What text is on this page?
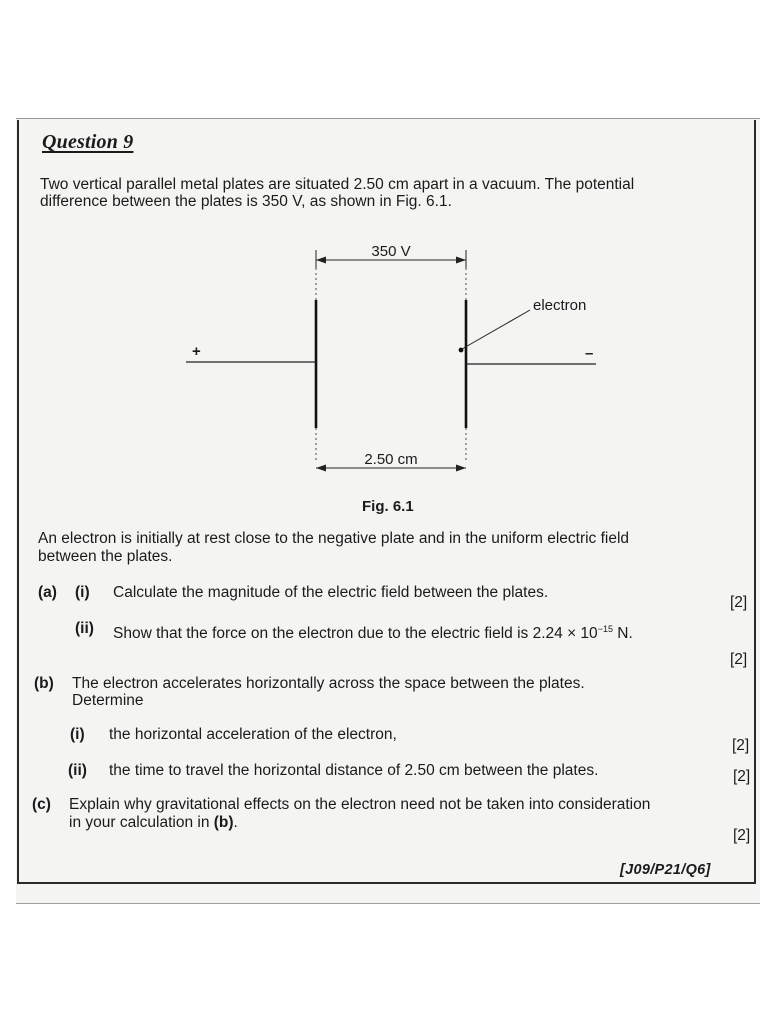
Question 9
Two vertical parallel metal plates are situated 2.50 cm apart in a vacuum. The potential
difference between the plates is 350 V, as shown in Fig. 6.1.
350 V
+	–
electron
2.50 cm
Fig. 6.1
An electron is initially at rest close to the negative plate and in the uniform electric field
between the plates.
(a) (i) Calculate the magnitude of the electric field between the plates.
[2]
(ii) Show that the force on the electron due to the electric field is $2.24 \times 10^{-15}$ N.
[2]
(b) The electron accelerates horizontally across the space between the plates.
Determine
(i) the horizontal acceleration of the electron,
[2]
(ii) the time to travel the horizontal distance of 2.50 cm between the plates.	[2]
(c) Explain why gravitational effects on the electron need not be taken into consideration
in your calculation in (b).
[2]
[J09/P21/Q6]
